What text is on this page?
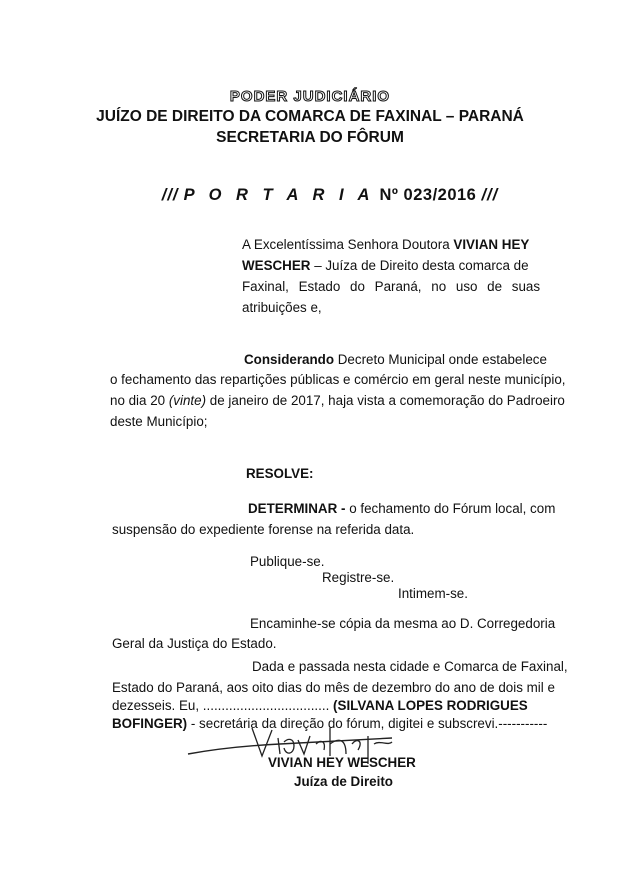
PODER JUDICIÁRIO
JUÍZO DE DIREITO DA COMARCA DE FAXINAL – PARANÁ
SECRETARIA DO FÔRUM
/// P O R T A R I A Nº 023/2016 ///
A Excelentíssima Senhora Doutora VIVIAN HEY
WESCHER – Juíza de Direito desta comarca de
Faxinal, Estado do Paraná, no uso de suas
atribuições e,
Considerando Decreto Municipal onde estabelece
o fechamento das repartições públicas e comércio em geral neste município,
no dia 20 (vinte) de janeiro de 2017, haja vista a comemoração do Padroeiro
deste Município;
RESOLVE:
DETERMINAR - o fechamento do Fórum local, com
suspensão do expediente forense na referida data.
Publique-se.
Registre-se.
Intimem-se.
Encaminhe-se cópia da mesma ao D. Corregedoria
Geral da Justiça do Estado.
Dada e passada nesta cidade e Comarca de Faxinal,
Estado do Paraná, aos oito dias do mês de dezembro do ano de dois mil e
dezesseis. Eu, .................................. (SILVANA LOPES RODRIGUES
BOFINGER) - secretária da direção do fórum, digitei e subscrevi.-----------
VIVIAN HEY WESCHER
Juíza de Direito
